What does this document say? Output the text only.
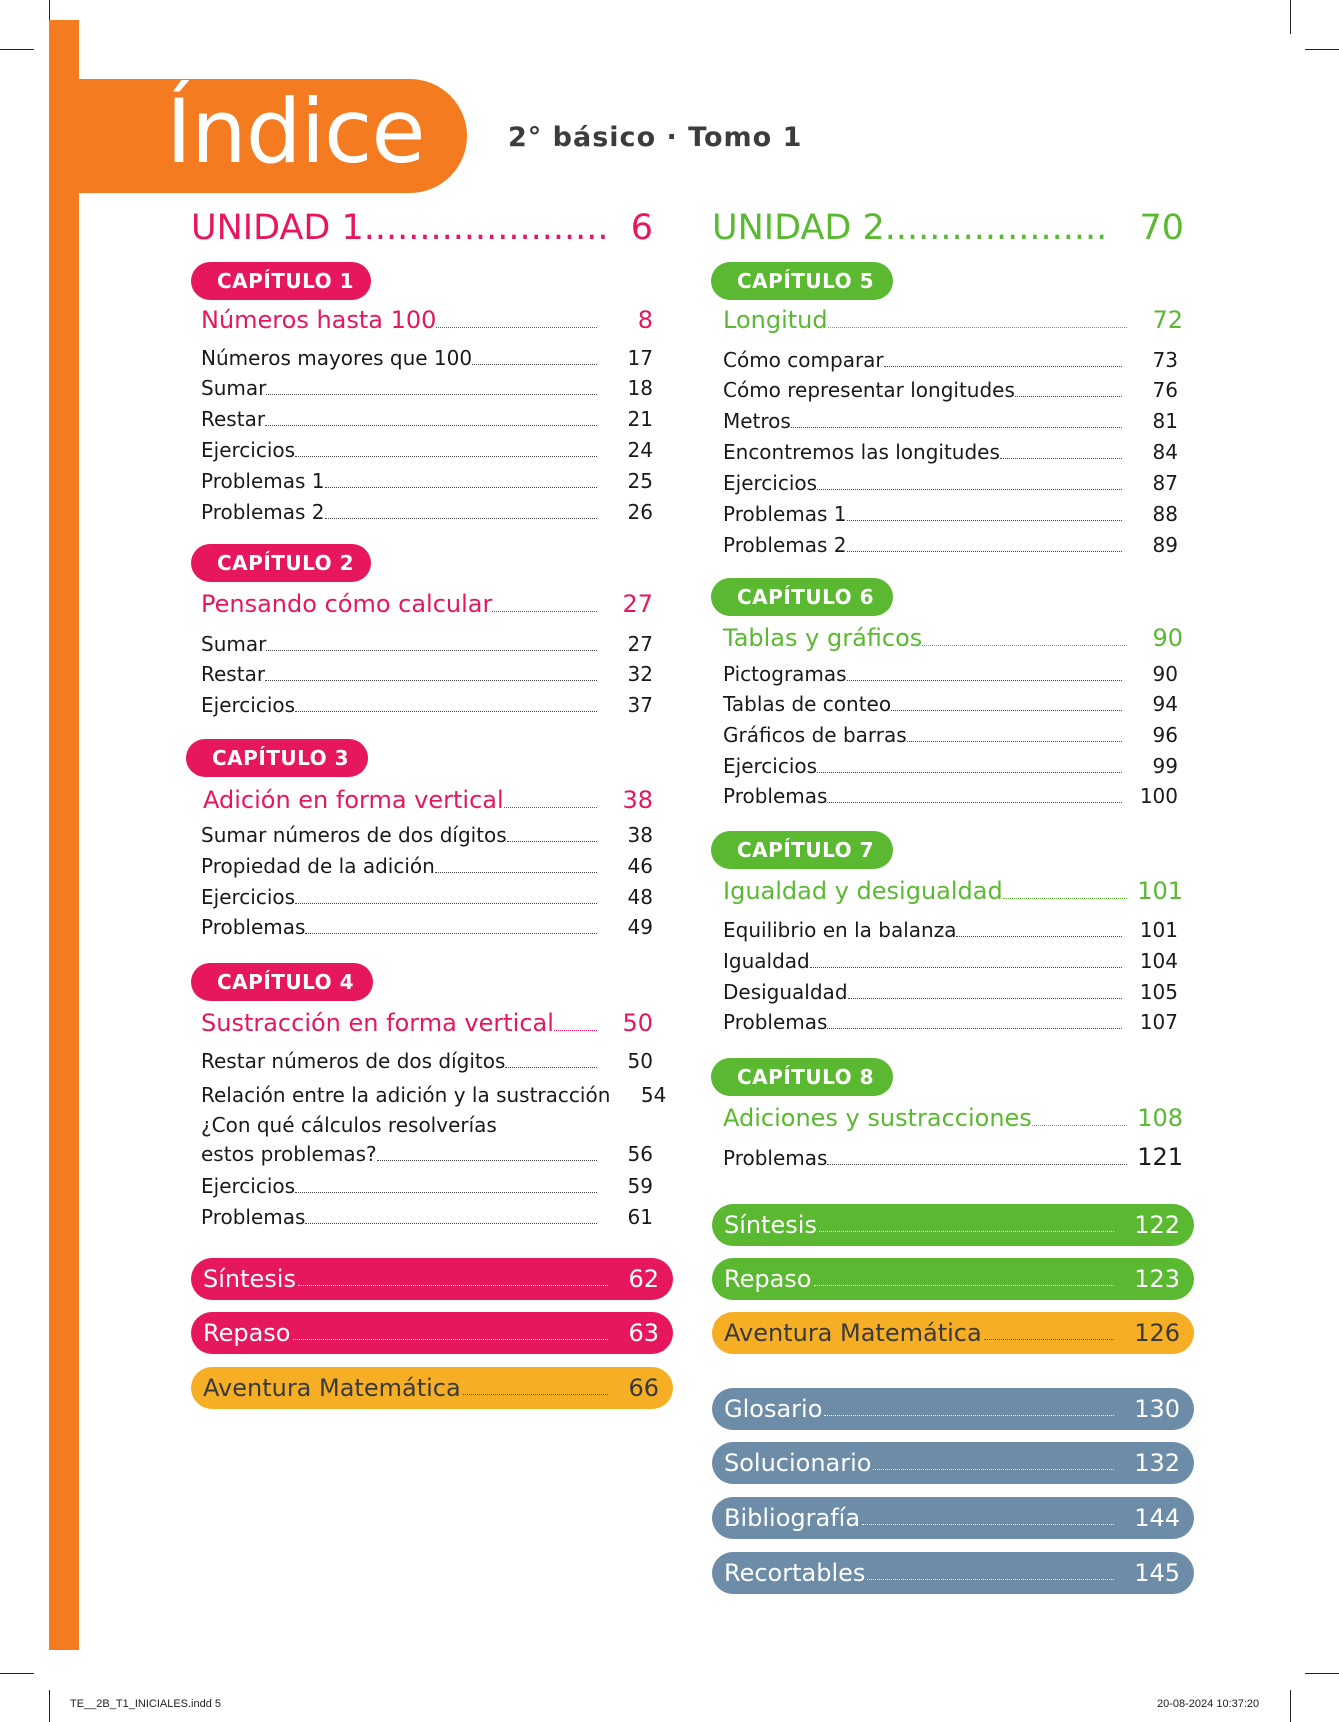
Índice	2° básico · Tomo 1
UNIDAD 1 ...................... 6
CAPÍTULO 1
Números hasta 100	8
Números mayores que 100	17
Sumar	18
Restar	21
Ejercicios	24
Problemas 1	25
Problemas 2	26
CAPÍTULO 2
Pensando cómo calcular	27
Sumar	27
Restar	32
Ejercicios	37
CAPÍTULO 3
Adición en forma vertical	38
Sumar números de dos dígitos	38
Propiedad de la adición	46
Ejercicios	48
Problemas	49
CAPÍTULO 4
Sustracción en forma vertical	50
Restar números de dos dígitos	50
Relación entre la adición y la sustracción	54
¿Con qué cálculos resolverías
estos problemas?	56
Ejercicios	59
Problemas	61
Síntesis	62
Repaso	63
Aventura Matemática	66
UNIDAD 2 .................... 70
CAPÍTULO 5
Longitud	72
Cómo comparar	73
Cómo representar longitudes	76
Metros	81
Encontremos las longitudes	84
Ejercicios	87
Problemas 1	88
Problemas 2	89
CAPÍTULO 6
Tablas y gráficos	90
Pictogramas	90
Tablas de conteo	94
Gráficos de barras	96
Ejercicios	99
Problemas	100
CAPÍTULO 7
Igualdad y desigualdad	101
Equilibrio en la balanza	101
Igualdad	104
Desigualdad	105
Problemas	107
CAPÍTULO 8
Adiciones y sustracciones	108
Problemas	121
Síntesis	122
Repaso	123
Aventura Matemática	126
Glosario	130
Solucionario	132
Bibliografía	144
Recortables	145
TE__2B_T1_INICIALES.indd 5	20-08-2024 10:37:20
